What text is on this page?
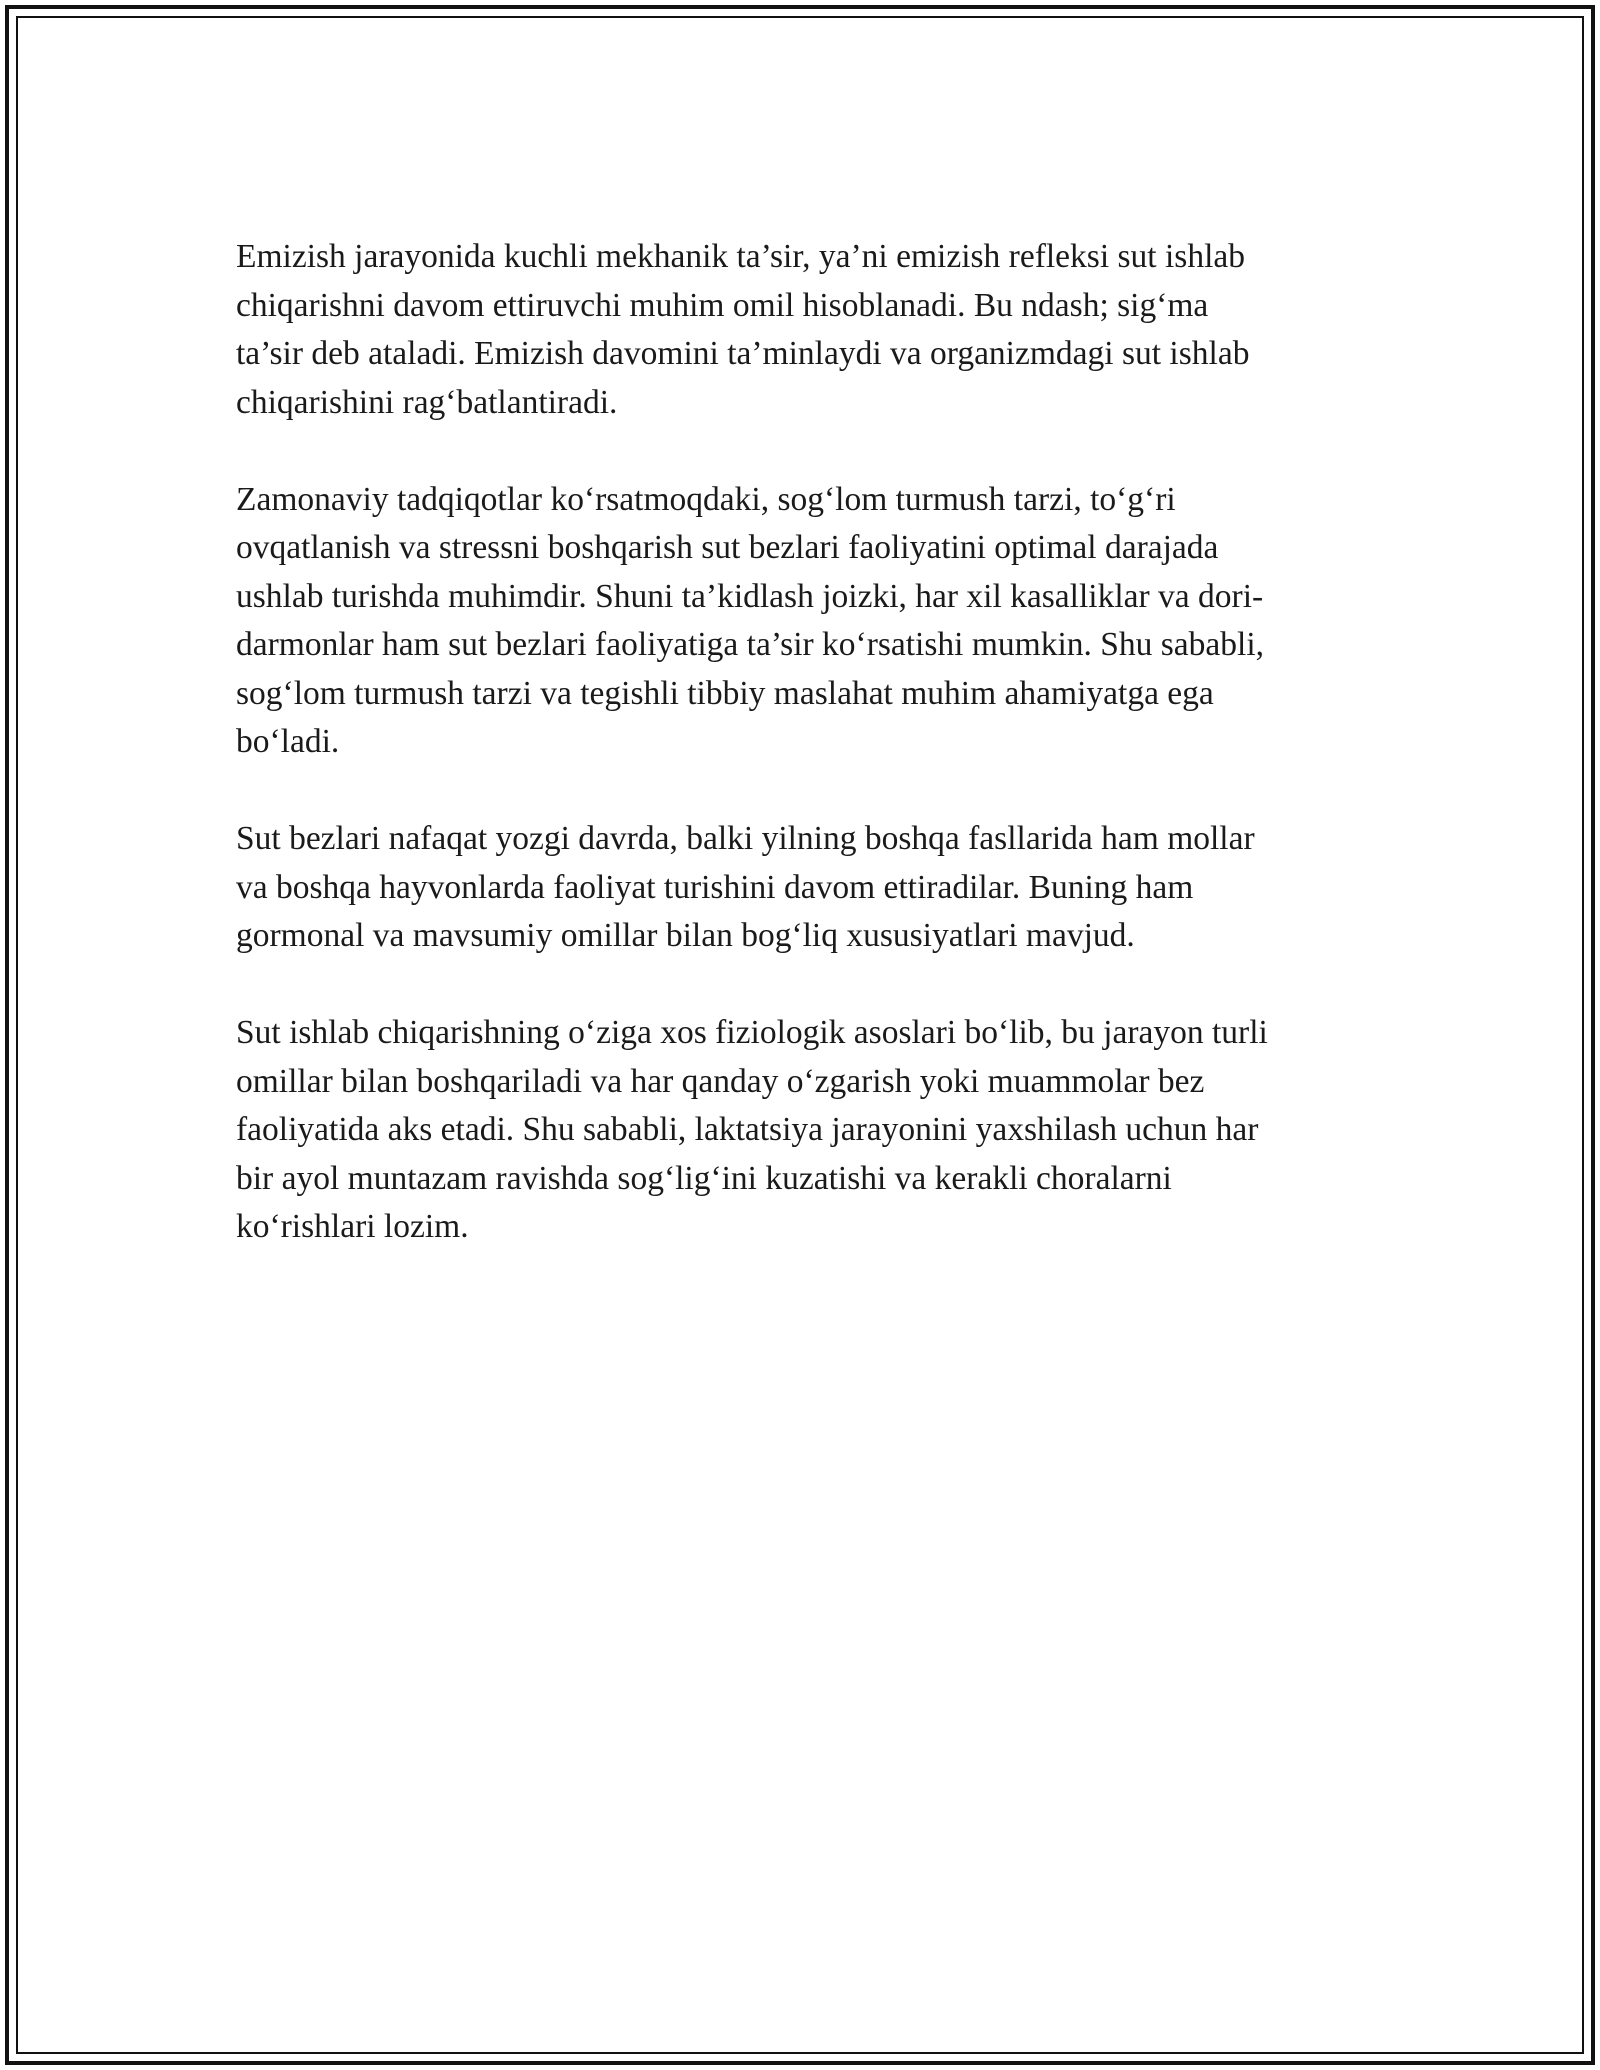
Emizish jarayonida kuchli mekhanik ta’sir, ya’ni emizish refleksi sut ishlab
chiqarishni davom ettiruvchi muhim omil hisoblanadi. Bu ndash; sig‘ma
ta’sir deb ataladi. Emizish davomini ta’minlaydi va organizmdagi sut ishlab
chiqarishini rag‘batlantiradi.

Zamonaviy tadqiqotlar ko‘rsatmoqdaki, sog‘lom turmush tarzi, to‘g‘ri
ovqatlanish va stressni boshqarish sut bezlari faoliyatini optimal darajada
ushlab turishda muhimdir. Shuni ta’kidlash joizki, har xil kasalliklar va dori-
darmonlar ham sut bezlari faoliyatiga ta’sir ko‘rsatishi mumkin. Shu sababli,
sog‘lom turmush tarzi va tegishli tibbiy maslahat muhim ahamiyatga ega
bo‘ladi.

Sut bezlari nafaqat yozgi davrda, balki yilning boshqa fasllarida ham mollar
va boshqa hayvonlarda faoliyat turishini davom ettiradilar. Buning ham
gormonal va mavsumiy omillar bilan bog‘liq xususiyatlari mavjud.

Sut ishlab chiqarishning o‘ziga xos fiziologik asoslari bo‘lib, bu jarayon turli
omillar bilan boshqariladi va har qanday o‘zgarish yoki muammolar bez
faoliyatida aks etadi. Shu sababli, laktatsiya jarayonini yaxshilash uchun har
bir ayol muntazam ravishda sog‘lig‘ini kuzatishi va kerakli choralarni
ko‘rishlari lozim.
